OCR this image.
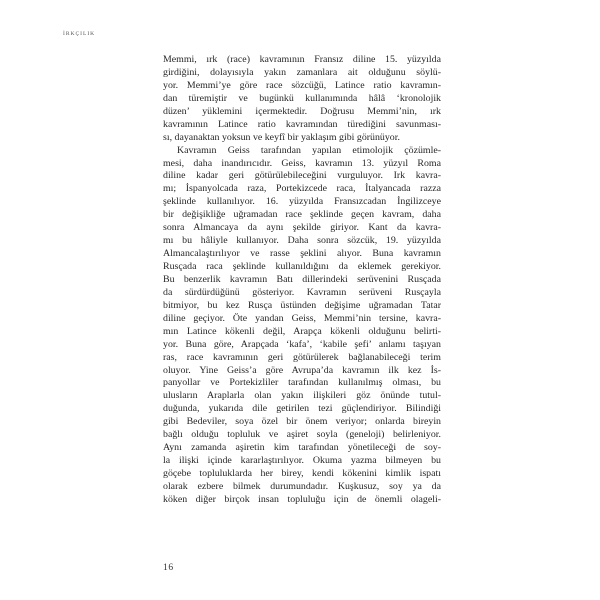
İRKÇILIK
Memmi, ırk (race) kavramının Fransız diline 15. yüzyılda
girdiğini, dolayısıyla yakın zamanlara ait olduğunu söylü-
yor. Memmi’ye göre race sözcüğü, Latince ratio kavramın-
dan türemiştir ve bugünkü kullanımında hâlâ ‘kronolojik
düzen’ yüklemini içermektedir. Doğrusu Memmi’nin, ırk
kavramının Latince ratio kavramından türediğini savunması-
sı, dayanaktan yoksun ve keyfî bir yaklaşım gibi görünüyor.
Kavramın Geiss tarafından yapılan etimolojik çözümle-
mesi, daha inandırıcıdır. Geiss, kavramın 13. yüzyıl Roma
diline kadar geri götürülebileceğini vurguluyor. Irk kavra-
mı; İspanyolcada raza, Portekizcede raca, İtalyancada razza
şeklinde kullanılıyor. 16. yüzyılda Fransızcadan İngilizceye
bir değişikliğe uğramadan race şeklinde geçen kavram, daha
sonra Almancaya da aynı şekilde giriyor. Kant da kavra-
mı bu hâliyle kullanıyor. Daha sonra sözcük, 19. yüzyılda
Almancalaştırılıyor ve rasse şeklini alıyor. Buna kavramın
Rusçada raca şeklinde kullanıldığını da eklemek gerekiyor.
Bu benzerlik kavramın Batı dillerindeki serüvenini Rusçada
da sürdürdüğünü gösteriyor. Kavramın serüveni Rusçayla
bitmiyor, bu kez Rusça üstünden değişime uğramadan Tatar
diline geçiyor. Öte yandan Geiss, Memmi’nin tersine, kavra-
mın Latince kökenli değil, Arapça kökenli olduğunu belirti-
yor. Buna göre, Arapçada ‘kafa’, ‘kabile şefi’ anlamı taşıyan
ras, race kavramının geri götürülerek bağlanabileceği terim
oluyor. Yine Geiss’a göre Avrupa’da kavramın ilk kez İs-
panyollar ve Portekizliler tarafından kullanılmış olması, bu
ulusların Araplarla olan yakın ilişkileri göz önünde tutul-
duğunda, yukarıda dile getirilen tezi güçlendiriyor. Bilindiği
gibi Bedeviler, soya özel bir önem veriyor; onlarda bireyin
bağlı olduğu topluluk ve aşiret soyla (geneloji) belirleniyor.
Aynı zamanda aşiretin kim tarafından yönetileceği de soy-
la ilişki içinde kararlaştırılıyor. Okuma yazma bilmeyen bu
göçebe topluluklarda her birey, kendi kökenini kimlik ispatı
olarak ezbere bilmek durumundadır. Kuşkusuz, soy ya da
köken diğer birçok insan topluluğu için de önemli olageli-
16
